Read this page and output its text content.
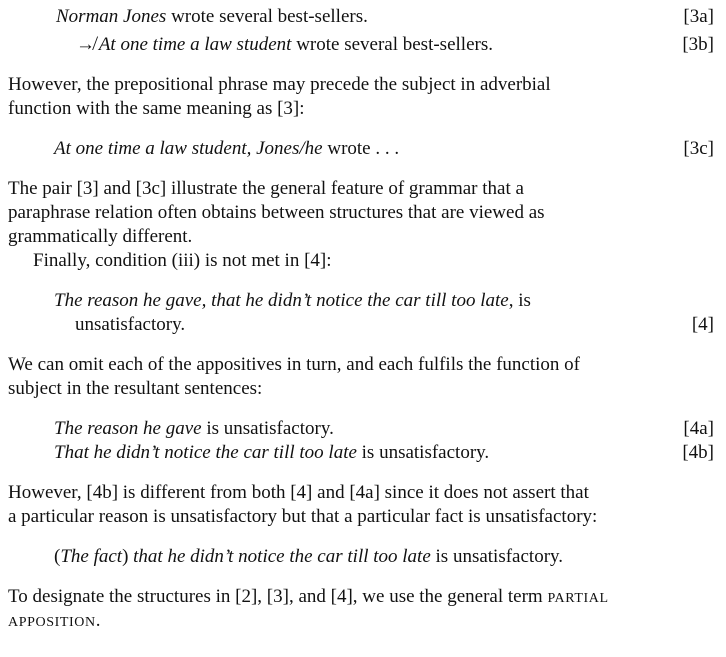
Norman Jones wrote several best-sellers.	[3a]
↛  At one time a law student wrote several best-sellers.	[3b]
However, the prepositional phrase may precede the subject in adverbial
function with the same meaning as [3]:
At one time a law student, Jones/he wrote . . .	[3c]
The pair [3] and [3c] illustrate the general feature of grammar that a
paraphrase relation often obtains between structures that are viewed as
grammatically different.
Finally, condition (iii) is not met in [4]:
The reason he gave, that he didn’t notice the car till too late, is
unsatisfactory.	[4]
We can omit each of the appositives in turn, and each fulfils the function of
subject in the resultant sentences:
The reason he gave is unsatisfactory.	[4a]
That he didn’t notice the car till too late is unsatisfactory.	[4b]
However, [4b] is different from both [4] and [4a] since it does not assert that
a particular reason is unsatisfactory but that a particular fact is unsatisfactory:
(The fact) that he didn’t notice the car till too late is unsatisfactory.
To designate the structures in [2], [3], and [4], we use the general term PARTIAL
APPOSITION.
